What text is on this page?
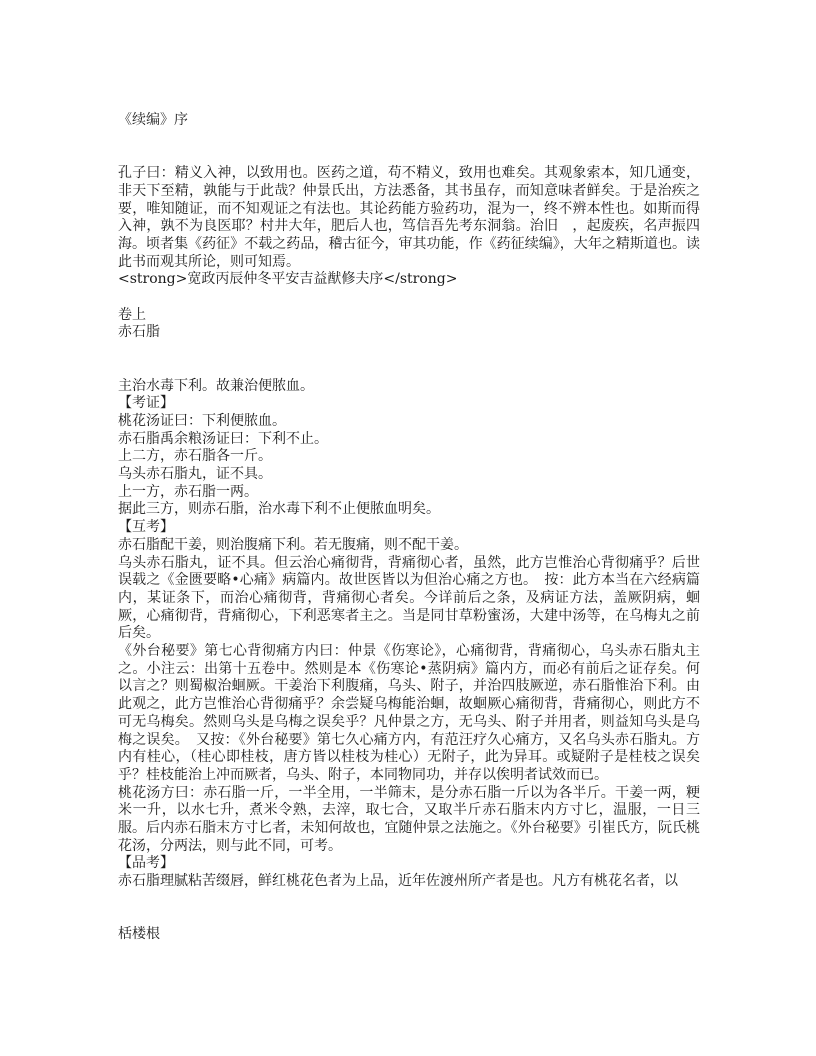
《续编》序

孔子曰：精义入神，以致用也。医药之道，苟不精义，致用也难矣。其观象索本，知几通变，非天下至精，孰能与于此哉？仲景氏出，方法悉备，其书虽存，而知意味者鲜矣。于是治疾之要，唯知随证，而不知观证之有法也。其论药能方验药功，混为一，终不辨本性也。如斯而得入神，孰不为良医耶？村井大年，肥后人也，笃信吾先考东洞翁。治旧　，起废疾，名声振四海。顷者集《药征》不载之药品，稽古征今，审其功能，作《药征续编》，大年之精斯道也。读此书而观其所论，则可知焉。

<strong>宽政丙辰仲冬平安吉益猷修夫序</strong>

卷上

赤石脂

主治水毒下利。故兼治便脓血。

【考证】

桃花汤证曰：下利便脓血。

赤石脂禹余粮汤证曰：下利不止。

上二方，赤石脂各一斤。

乌头赤石脂丸，证不具。

上一方，赤石脂一两。

据此三方，则赤石脂，治水毒下利不止便脓血明矣。

【互考】

赤石脂配干姜，则治腹痛下利。若无腹痛，则不配干姜。

乌头赤石脂丸，证不具。但云治心痛彻背，背痛彻心者，虽然，此方岂惟治心背彻痛乎？后世误载之《金匮要略•心痛》病篇内。故世医皆以为但治心痛之方也。　按：此方本当在六经病篇内，某证条下，而治心痛彻背，背痛彻心者矣。今详前后之条，及病证方法，盖厥阴病，蛔厥，心痛彻背，背痛彻心，下利恶寒者主之。当是同甘草粉蜜汤，大建中汤等，在乌梅丸之前后矣。

《外台秘要》第七心背彻痛方内曰：仲景《伤寒论》，心痛彻背，背痛彻心，乌头赤石脂丸主之。小注云：出第十五卷中。然则是本《伤寒论•蒸阴病》篇内方，而必有前后之证存矣。何以言之？则蜀椒治蛔厥。干姜治下利腹痛，乌头、附子，并治四肢厥逆，赤石脂惟治下利。由此观之，此方岂惟治心背彻痛乎？余尝疑乌梅能治蛔，故蛔厥心痛彻背，背痛彻心，则此方不可无乌梅矣。然则乌头是乌梅之误矣乎？凡仲景之方，无乌头、附子并用者，则益知乌头是乌梅之误矣。　又按：《外台秘要》第七久心痛方内，有范汪疗久心痛方，又名乌头赤石脂丸。方内有桂心，（桂心即桂枝，唐方皆以桂枝为桂心）无附子，此为异耳。或疑附子是桂枝之误矣乎？桂枝能治上冲而厥者，乌头、附子，本同物同功，并存以俟明者试效而已。

桃花汤方曰：赤石脂一斤，一半全用，一半筛末，是分赤石脂一斤以为各半斤。干姜一两，粳米一升，以水七升，煮米令熟，去滓，取七合，又取半斤赤石脂末内方寸匕，温服，一日三服。后内赤石脂末方寸匕者，未知何故也，宜随仲景之法施之。《外台秘要》引崔氏方，阮氏桃花汤，分两法，则与此不同，可考。

【品考】

赤石脂理腻粘苦缀唇，鲜红桃花色者为上品，近年佐渡州所产者是也。凡方有桃花名者，以

栝楼根
